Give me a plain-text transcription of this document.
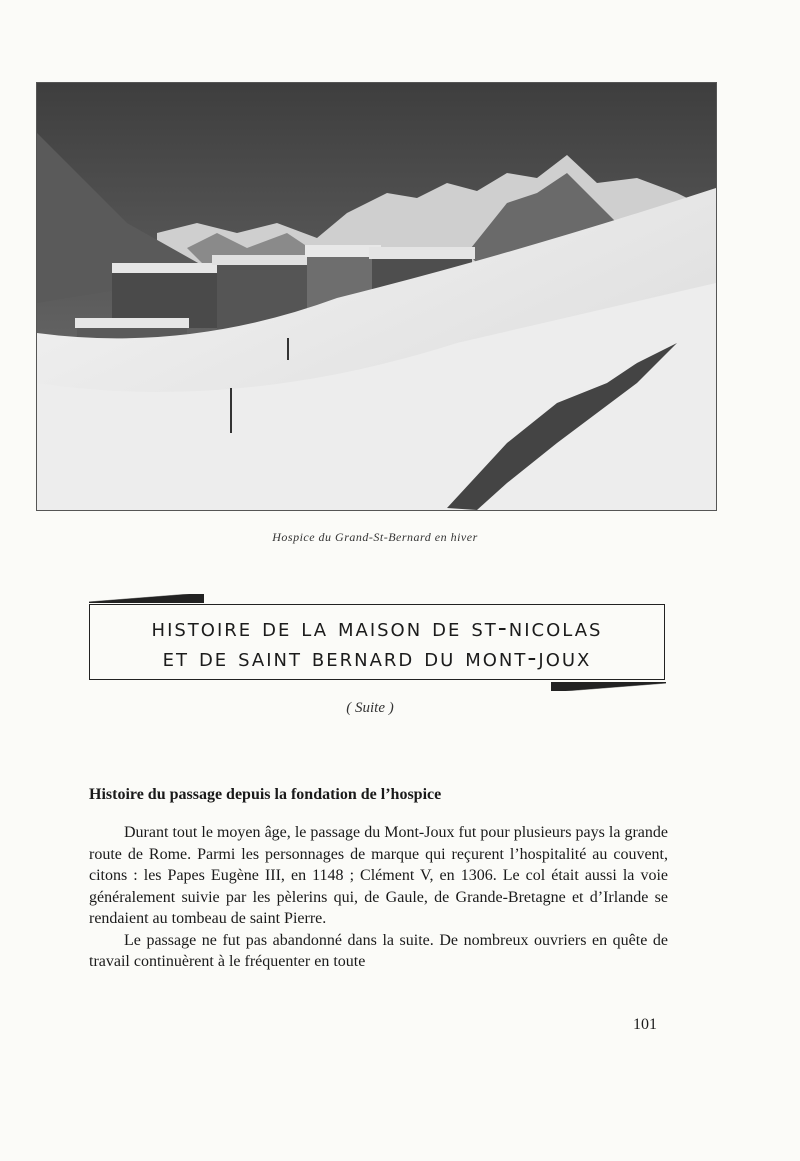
Hospice du Grand-St-Bernard en hiver
histoire de la maison de st-nicolas
et de saint bernard du mont-joux
( Suite )
Histoire du passage depuis la fondation de l’hospice

Durant tout le moyen âge, le passage du Mont-Joux fut pour plusieurs pays la grande route de Rome. Parmi les personnages de marque qui reçurent l’hospitalité au couvent, citons : les Papes Eugène III, en 1148 ; Clément V, en 1306. Le col était aussi la voie généralement suivie par les pèlerins qui, de Gaule, de Grande-Bretagne et d’Irlande se rendaient au tombeau de saint Pierre.

Le passage ne fut pas abandonné dans la suite. De nombreux ouvriers en quête de travail continuèrent à le fréquenter en toute

101
